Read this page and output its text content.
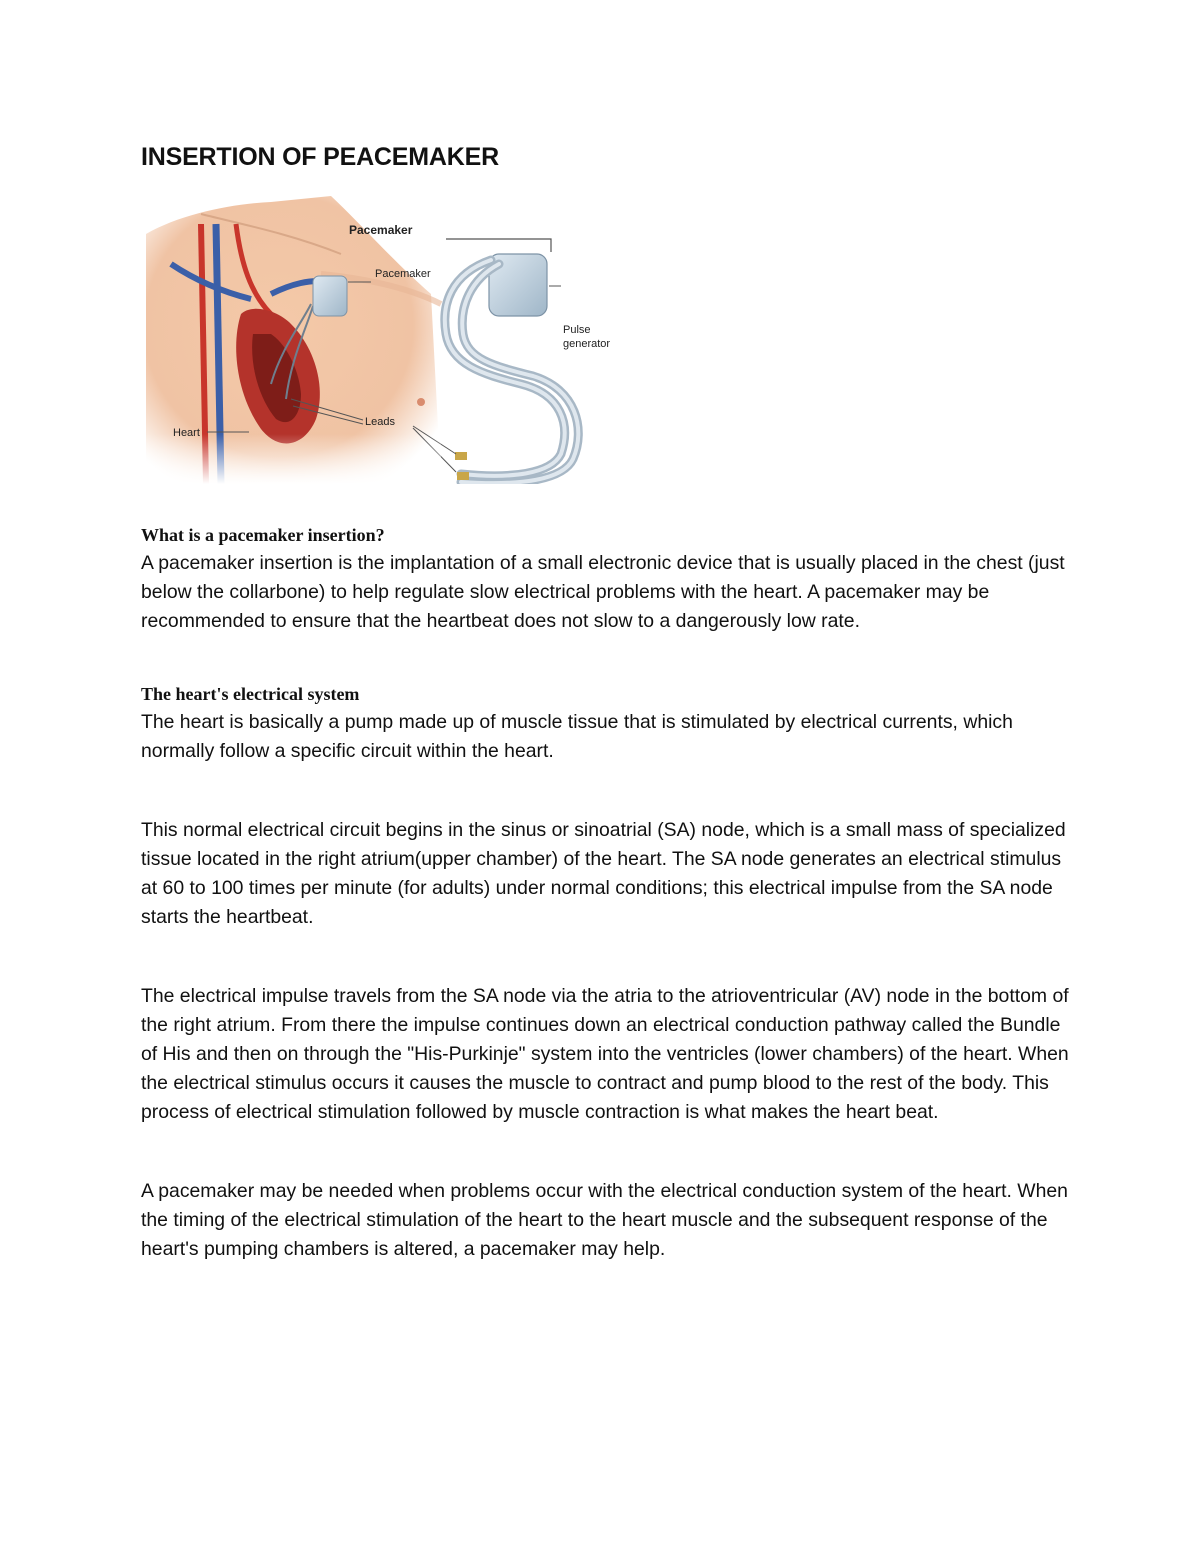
INSERTION OF PEACEMAKER
Pacemaker
Pacemaker
Pulse
generator
Leads
Heart
What is a pacemaker insertion?

A pacemaker insertion is the implantation of a small electronic device that is usually placed in the chest (just below the collarbone) to help regulate slow electrical problems with the heart. A pacemaker may be recommended to ensure that the heartbeat does not slow to a dangerously low rate.

The heart's electrical system

The heart is basically a pump made up of muscle tissue that is stimulated by electrical currents, which normally follow a specific circuit within the heart.

This normal electrical circuit begins in the sinus or sinoatrial (SA) node, which is a small mass of specialized tissue located in the right atrium(upper chamber) of the heart. The SA node generates an electrical stimulus at 60 to 100 times per minute (for adults) under normal conditions; this electrical impulse from the SA node starts the heartbeat.

The electrical impulse travels from the SA node via the atria to the atrioventricular (AV) node in the bottom of the right atrium. From there the impulse continues down an electrical conduction pathway called the Bundle of His and then on through the "His-Purkinje" system into the ventricles (lower chambers) of the heart. When the electrical stimulus occurs it causes the muscle to contract and pump blood to the rest of the body. This process of electrical stimulation followed by muscle contraction is what makes the heart beat.

A pacemaker may be needed when problems occur with the electrical conduction system of the heart. When the timing of the electrical stimulation of the heart to the heart muscle and the subsequent response of the heart's pumping chambers is altered, a pacemaker may help.
